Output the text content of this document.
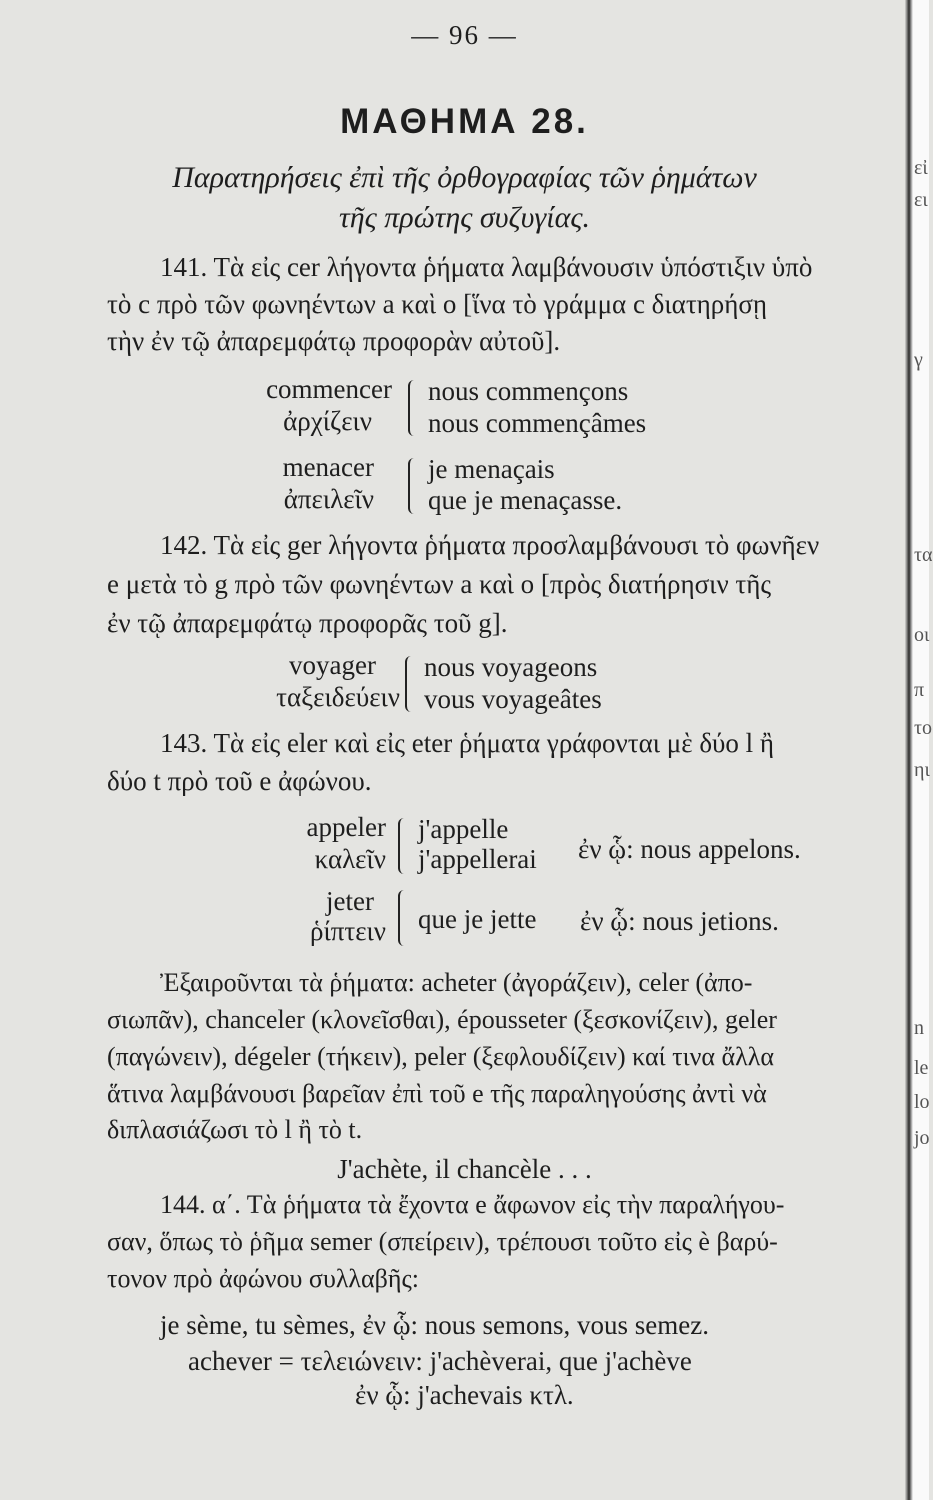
— 96 —
ΜΑΘΗΜΑ 28.
Παρατηρήσεις ἐπὶ τῆς ὀρθογραφίας τῶν ῥημάτων
τῆς πρώτης συζυγίας.
141. Τὰ εἰς cer λήγοντα ῥήματα λαμβάνουσιν ὑπόστιξιν ὑπὸ
τὸ c πρὸ τῶν φωνηέντων a καὶ o [ἵνα τὸ γράμμα c διατηρήσῃ
τὴν ἐν τῷ ἀπαρεμφάτῳ προφορὰν αὐτοῦ].
commencer
ἀρχίζειν
nous commençons
nous commençâmes
menacer
ἀπειλεῖν
je menaçais
que je menaçasse.
142. Τὰ εἰς ger λήγοντα ῥήματα προσλαμβάνουσι τὸ φωνῆεν
e μετὰ τὸ g πρὸ τῶν φωνηέντων a καὶ o [πρὸς διατήρησιν τῆς
ἐν τῷ ἀπαρεμφάτῳ προφορᾶς τοῦ g].
voyager
ταξειδεύειν
nous voyageons
vous voyageâtes
143. Τὰ εἰς eler καὶ εἰς eter ῥήματα γράφονται μὲ δύο l ἢ
δύο t πρὸ τοῦ e ἀφώνου.
appeler
καλεῖν
j'appelle
j'appellerai ἐν ᾧ: nous appelons.
jeter
ῥίπτειν que je jette ἐν ᾧ: nous jetions.
Ἐξαιροῦνται τὰ ῥήματα: acheter (ἀγοράζειν), celer (ἀπο-
σιωπᾶν), chanceler (κλονεῖσθαι), épousseter (ξεσκονίζειν), geler
(παγώνειν), dégeler (τήκειν), peler (ξεφλουδίζειν) καί τινα ἄλλα
ἅτινα λαμβάνουσι βαρεῖαν ἐπὶ τοῦ e τῆς παραληγούσης ἀντὶ νὰ
διπλασιάζωσι τὸ l ἢ τὸ t.
J'achète, il chancèle . . .
144. α΄. Τὰ ῥήματα τὰ ἔχοντα e ἄφωνον εἰς τὴν παραλήγου-
σαν, ὅπως τὸ ῥῆμα semer (σπείρειν), τρέπουσι τοῦτο εἰς è βαρύ-
τονον πρὸ ἀφώνου συλλαβῆς:
je sème, tu sèmes, ἐν ᾧ: nous semons, vous semez.
achever = τελειώνειν: j'achèverai, que j'achève
ἐν ᾧ: j'achevais κτλ.
εἰ
ει
γ
τα
οι
π
το
ηι
n
le
lo
jo
